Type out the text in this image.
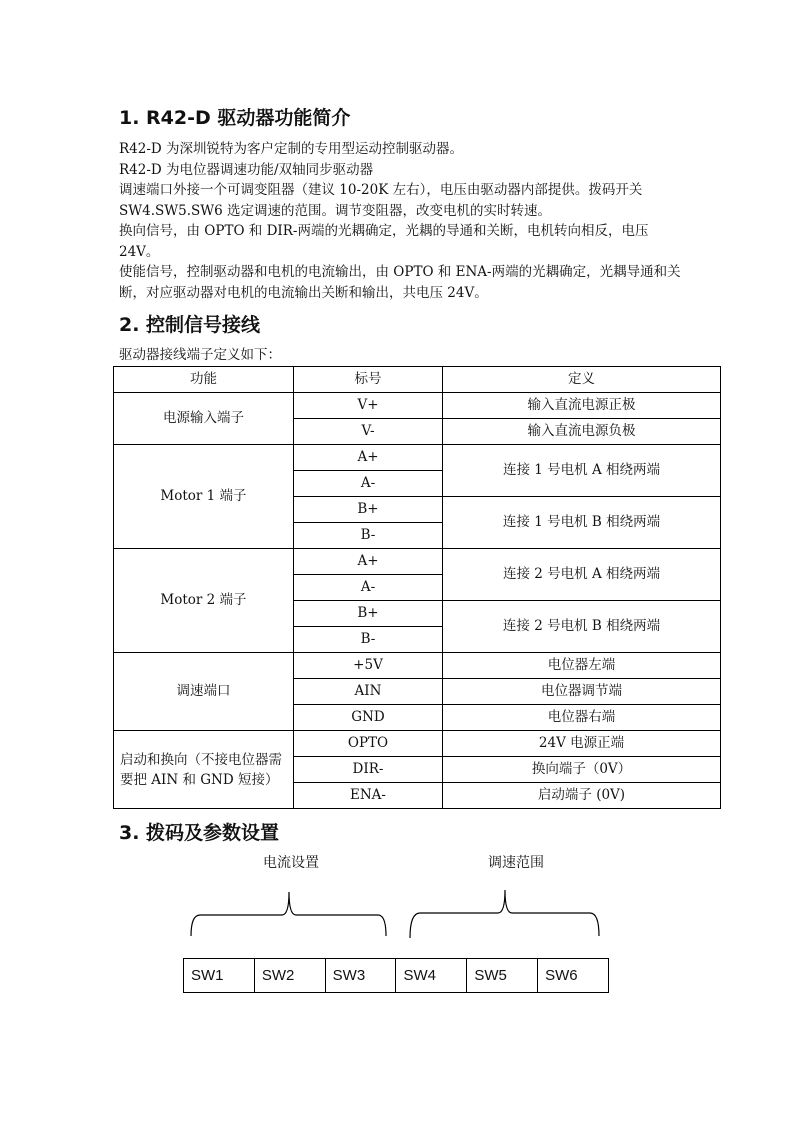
1. R42-D 驱动器功能简介

R42-D 为深圳锐特为客户定制的专用型运动控制驱动器。

R42-D 为电位器调速功能/双轴同步驱动器

调速端口外接一个可调变阻器（建议 10-20K 左右），电压由驱动器内部提供。拨码开关 SW4.SW5.SW6 选定调速的范围。调节变阻器，改变电机的实时转速。

换向信号，由 OPTO 和 DIR-两端的光耦确定，光耦的导通和关断，电机转向相反，电压 24V。

使能信号，控制驱动器和电机的电流输出，由 OPTO 和 ENA-两端的光耦确定，光耦导通和关断，对应驱动器对电机的电流输出关断和输出，共电压 24V。

2. 控制信号接线
驱动器接线端子定义如下：
功能	标号	定义
电源输入端子	V+	输入直流电源正极
	V-	输入直流电源负极
Motor 1 端子	A+	连接 1 号电机 A 相绕两端
	A-	
	B+	连接 1 号电机 B 相绕两端
	B-	
Motor 2 端子	A+	连接 2 号电机 A 相绕两端
	A-	
	B+	连接 2 号电机 B 相绕两端
	B-	
调速端口	+5V	电位器左端
	AIN	电位器调节端
	GND	电位器右端
启动和换向（不接电位器需要把 AIN 和 GND 短接）	OPTO	24V 电源正端
	DIR-	换向端子（0V）
	ENA-	启动端子 (0V)
3. 拨码及参数设置
电流设置	调速范围
SW1	SW2	SW3	SW4	SW5	SW6
